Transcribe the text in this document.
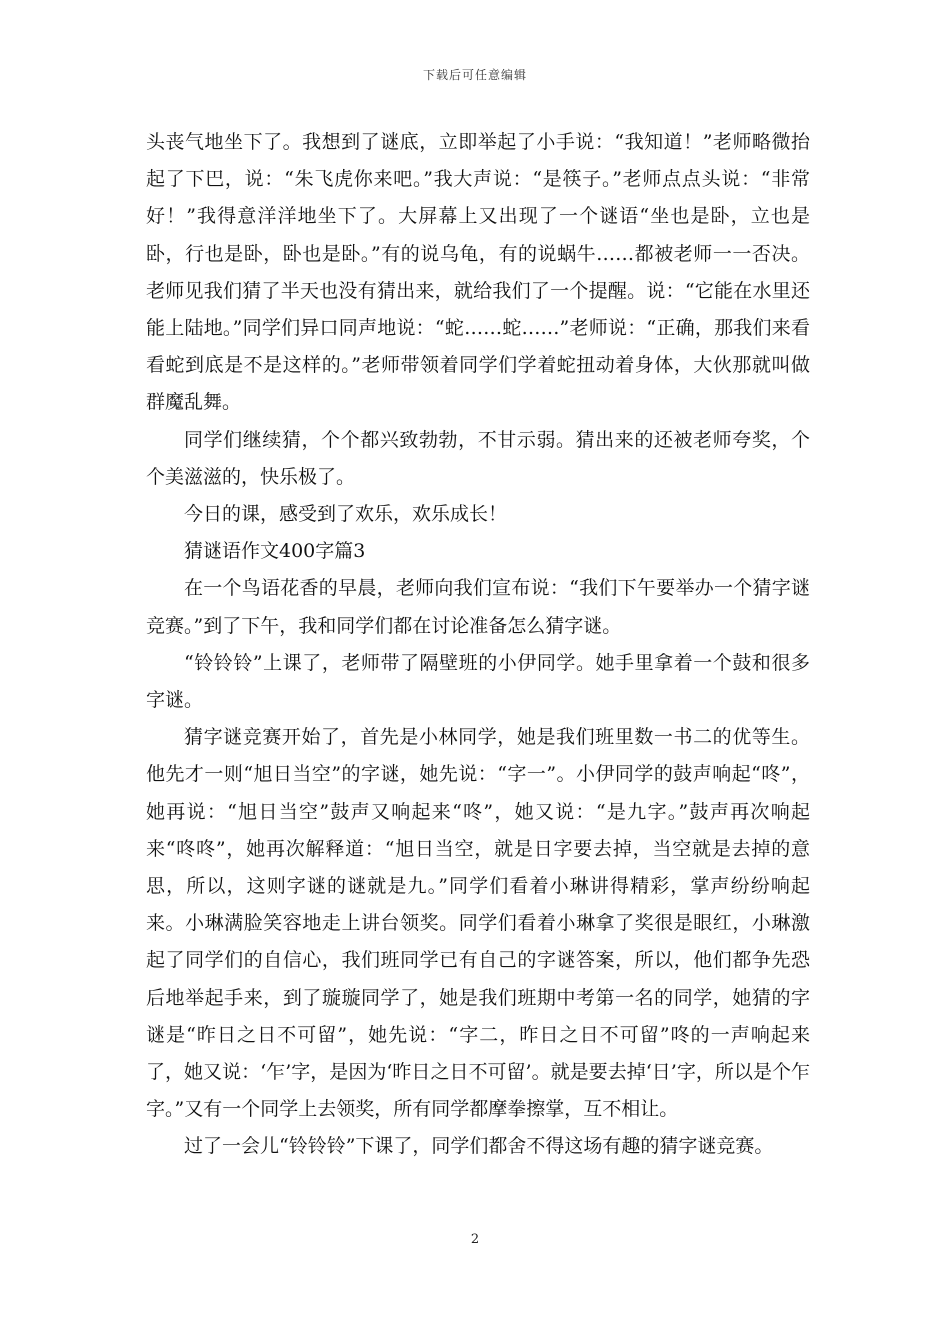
下载后可任意编辑

头丧气地坐下了。我想到了谜底，立即举起了小手说：“我知道！”老师略微抬起了下巴，说：“朱飞虎你来吧。”我大声说：“是筷子。”老师点点头说：“非常好！”我得意洋洋地坐下了。大屏幕上又出现了一个谜语“坐也是卧，立也是卧，行也是卧，卧也是卧。”有的说乌龟，有的说蜗牛……都被老师一一否决。老师见我们猜了半天也没有猜出来，就给我们了一个提醒。说：“它能在水里还能上陆地。”同学们异口同声地说：“蛇……蛇……”老师说：“正确，那我们来看看蛇到底是不是这样的。”老师带领着同学们学着蛇扭动着身体，大伙那就叫做群魔乱舞。

同学们继续猜，个个都兴致勃勃，不甘示弱。猜出来的还被老师夸奖，个个美滋滋的，快乐极了。

今日的课，感受到了欢乐，欢乐成长！

猜谜语作文400字篇3

在一个鸟语花香的早晨，老师向我们宣布说：“我们下午要举办一个猜字谜竞赛。”到了下午，我和同学们都在讨论准备怎么猜字谜。

“铃铃铃”上课了，老师带了隔壁班的小伊同学。她手里拿着一个鼓和很多字谜。

猜字谜竞赛开始了，首先是小林同学，她是我们班里数一书二的优等生。他先才一则“旭日当空”的字谜，她先说：“字一”。小伊同学的鼓声响起“咚”，她再说：“旭日当空”鼓声又响起来“咚”，她又说：“是九字。”鼓声再次响起来“咚咚”，她再次解释道：“旭日当空，就是日字要去掉，当空就是去掉的意思，所以，这则字谜的谜就是九。”同学们看着小琳讲得精彩，掌声纷纷响起来。小琳满脸笑容地走上讲台领奖。同学们看着小琳拿了奖很是眼红，小琳激起了同学们的自信心，我们班同学已有自己的字谜答案，所以，他们都争先恐后地举起手来，到了璇璇同学了，她是我们班期中考第一名的同学，她猜的字谜是“昨日之日不可留”，她先说：“字二，昨日之日不可留”咚的一声响起来了，她又说：‘乍’字，是因为‘昨日之日不可留’。就是要去掉‘日’字，所以是个乍字。”又有一个同学上去领奖，所有同学都摩拳擦掌，互不相让。

过了一会儿“铃铃铃”下课了，同学们都舍不得这场有趣的猜字谜竞赛。

2
